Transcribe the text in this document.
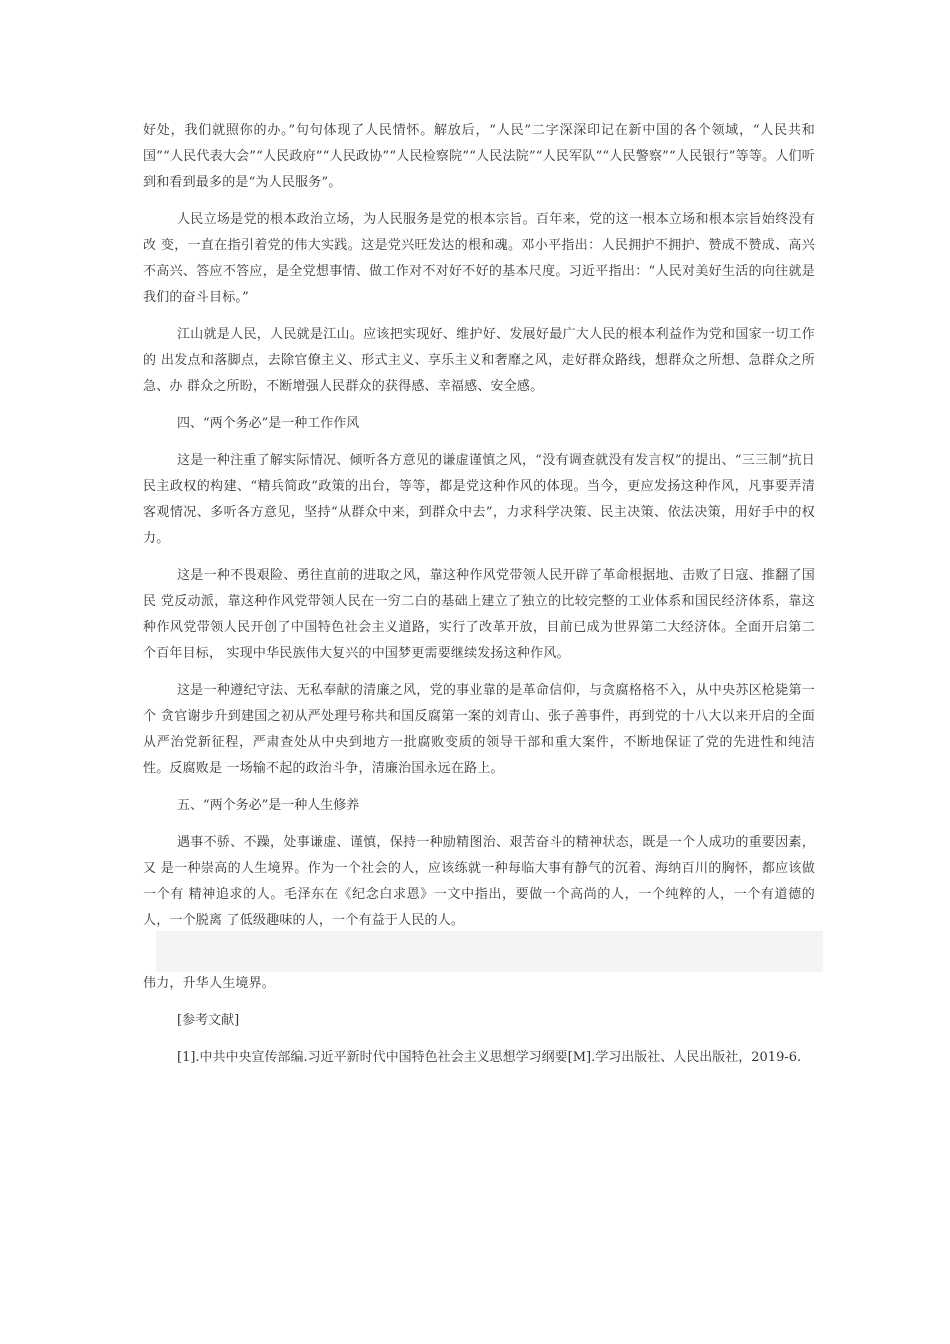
好处，我们就照你的办。”句句体现了人民情怀。解放后，“人民”二字深深印记在新中国的各个领域，“人民共和国”“人民代表大会”“人民政府”“人民政协”“人民检察院”“人民法院”“人民军队”“人民警察”“人民银行”等等。人们听到和看到最多的是“为人民服务”。

人民立场是党的根本政治立场，为人民服务是党的根本宗旨。百年来，党的这一根本立场和根本宗旨始终没有改 变，一直在指引着党的伟大实践。这是党兴旺发达的根和魂。邓小平指出：人民拥护不拥护、赞成不赞成、高兴不高兴、答应不答应，是全党想事情、做工作对不对好不好的基本尺度。习近平指出：“人民对美好生活的向往就是我们的奋斗目标。”

江山就是人民，人民就是江山。应该把实现好、维护好、发展好最广大人民的根本利益作为党和国家一切工作的 出发点和落脚点，去除官僚主义、形式主义、享乐主义和奢靡之风，走好群众路线，想群众之所想、急群众之所急、办 群众之所盼，不断增强人民群众的获得感、幸福感、安全感。

四、“两个务必”是一种工作作风

这是一种注重了解实际情况、倾听各方意见的谦虚谨慎之风，“没有调查就没有发言权”的提出、“三三制”抗日民主政权的构建、“精兵简政”政策的出台，等等，都是党这种作风的体现。当今，更应发扬这种作风，凡事要弄清客观情况、多听各方意见，坚持“从群众中来，到群众中去”，力求科学决策、民主决策、依法决策，用好手中的权力。

这是一种不畏艰险、勇往直前的进取之风，靠这种作风党带领人民开辟了革命根据地、击败了日寇、推翻了国民 党反动派，靠这种作风党带领人民在一穷二白的基础上建立了独立的比较完整的工业体系和国民经济体系，靠这种作风党带领人民开创了中国特色社会主义道路，实行了改革开放，目前已成为世界第二大经济体。全面开启第二个百年目标， 实现中华民族伟大复兴的中国梦更需要继续发扬这种作风。

这是一种遵纪守法、无私奉献的清廉之风，党的事业靠的是革命信仰，与贪腐格格不入，从中央苏区枪毙第一个 贪官谢步升到建国之初从严处理号称共和国反腐第一案的刘青山、张子善事件，再到党的十八大以来开启的全面从严治党新征程，严肃查处从中央到地方一批腐败变质的领导干部和重大案件，不断地保证了党的先进性和纯洁性。反腐败是 一场输不起的政治斗争，清廉治国永远在路上。

五、“两个务必”是一种人生修养

遇事不骄、不躁，处事谦虚、谨慎，保持一种励精图治、艰苦奋斗的精神状态，既是一个人成功的重要因素，又 是一种崇高的人生境界。作为一个社会的人，应该练就一种每临大事有静气的沉着、海纳百川的胸怀，都应该做一个有 精神追求的人。毛泽东在《纪念白求恩》一文中指出，要做一个高尚的人，一个纯粹的人，一个有道德的人，一个脱离 了低级趣味的人，一个有益于人民的人。

伟力，升华人生境界。

[参考文献]

[1].中共中央宣传部编.习近平新时代中国特色社会主义思想学习纲要[M].学习出版社、人民出版社，2019-6.
